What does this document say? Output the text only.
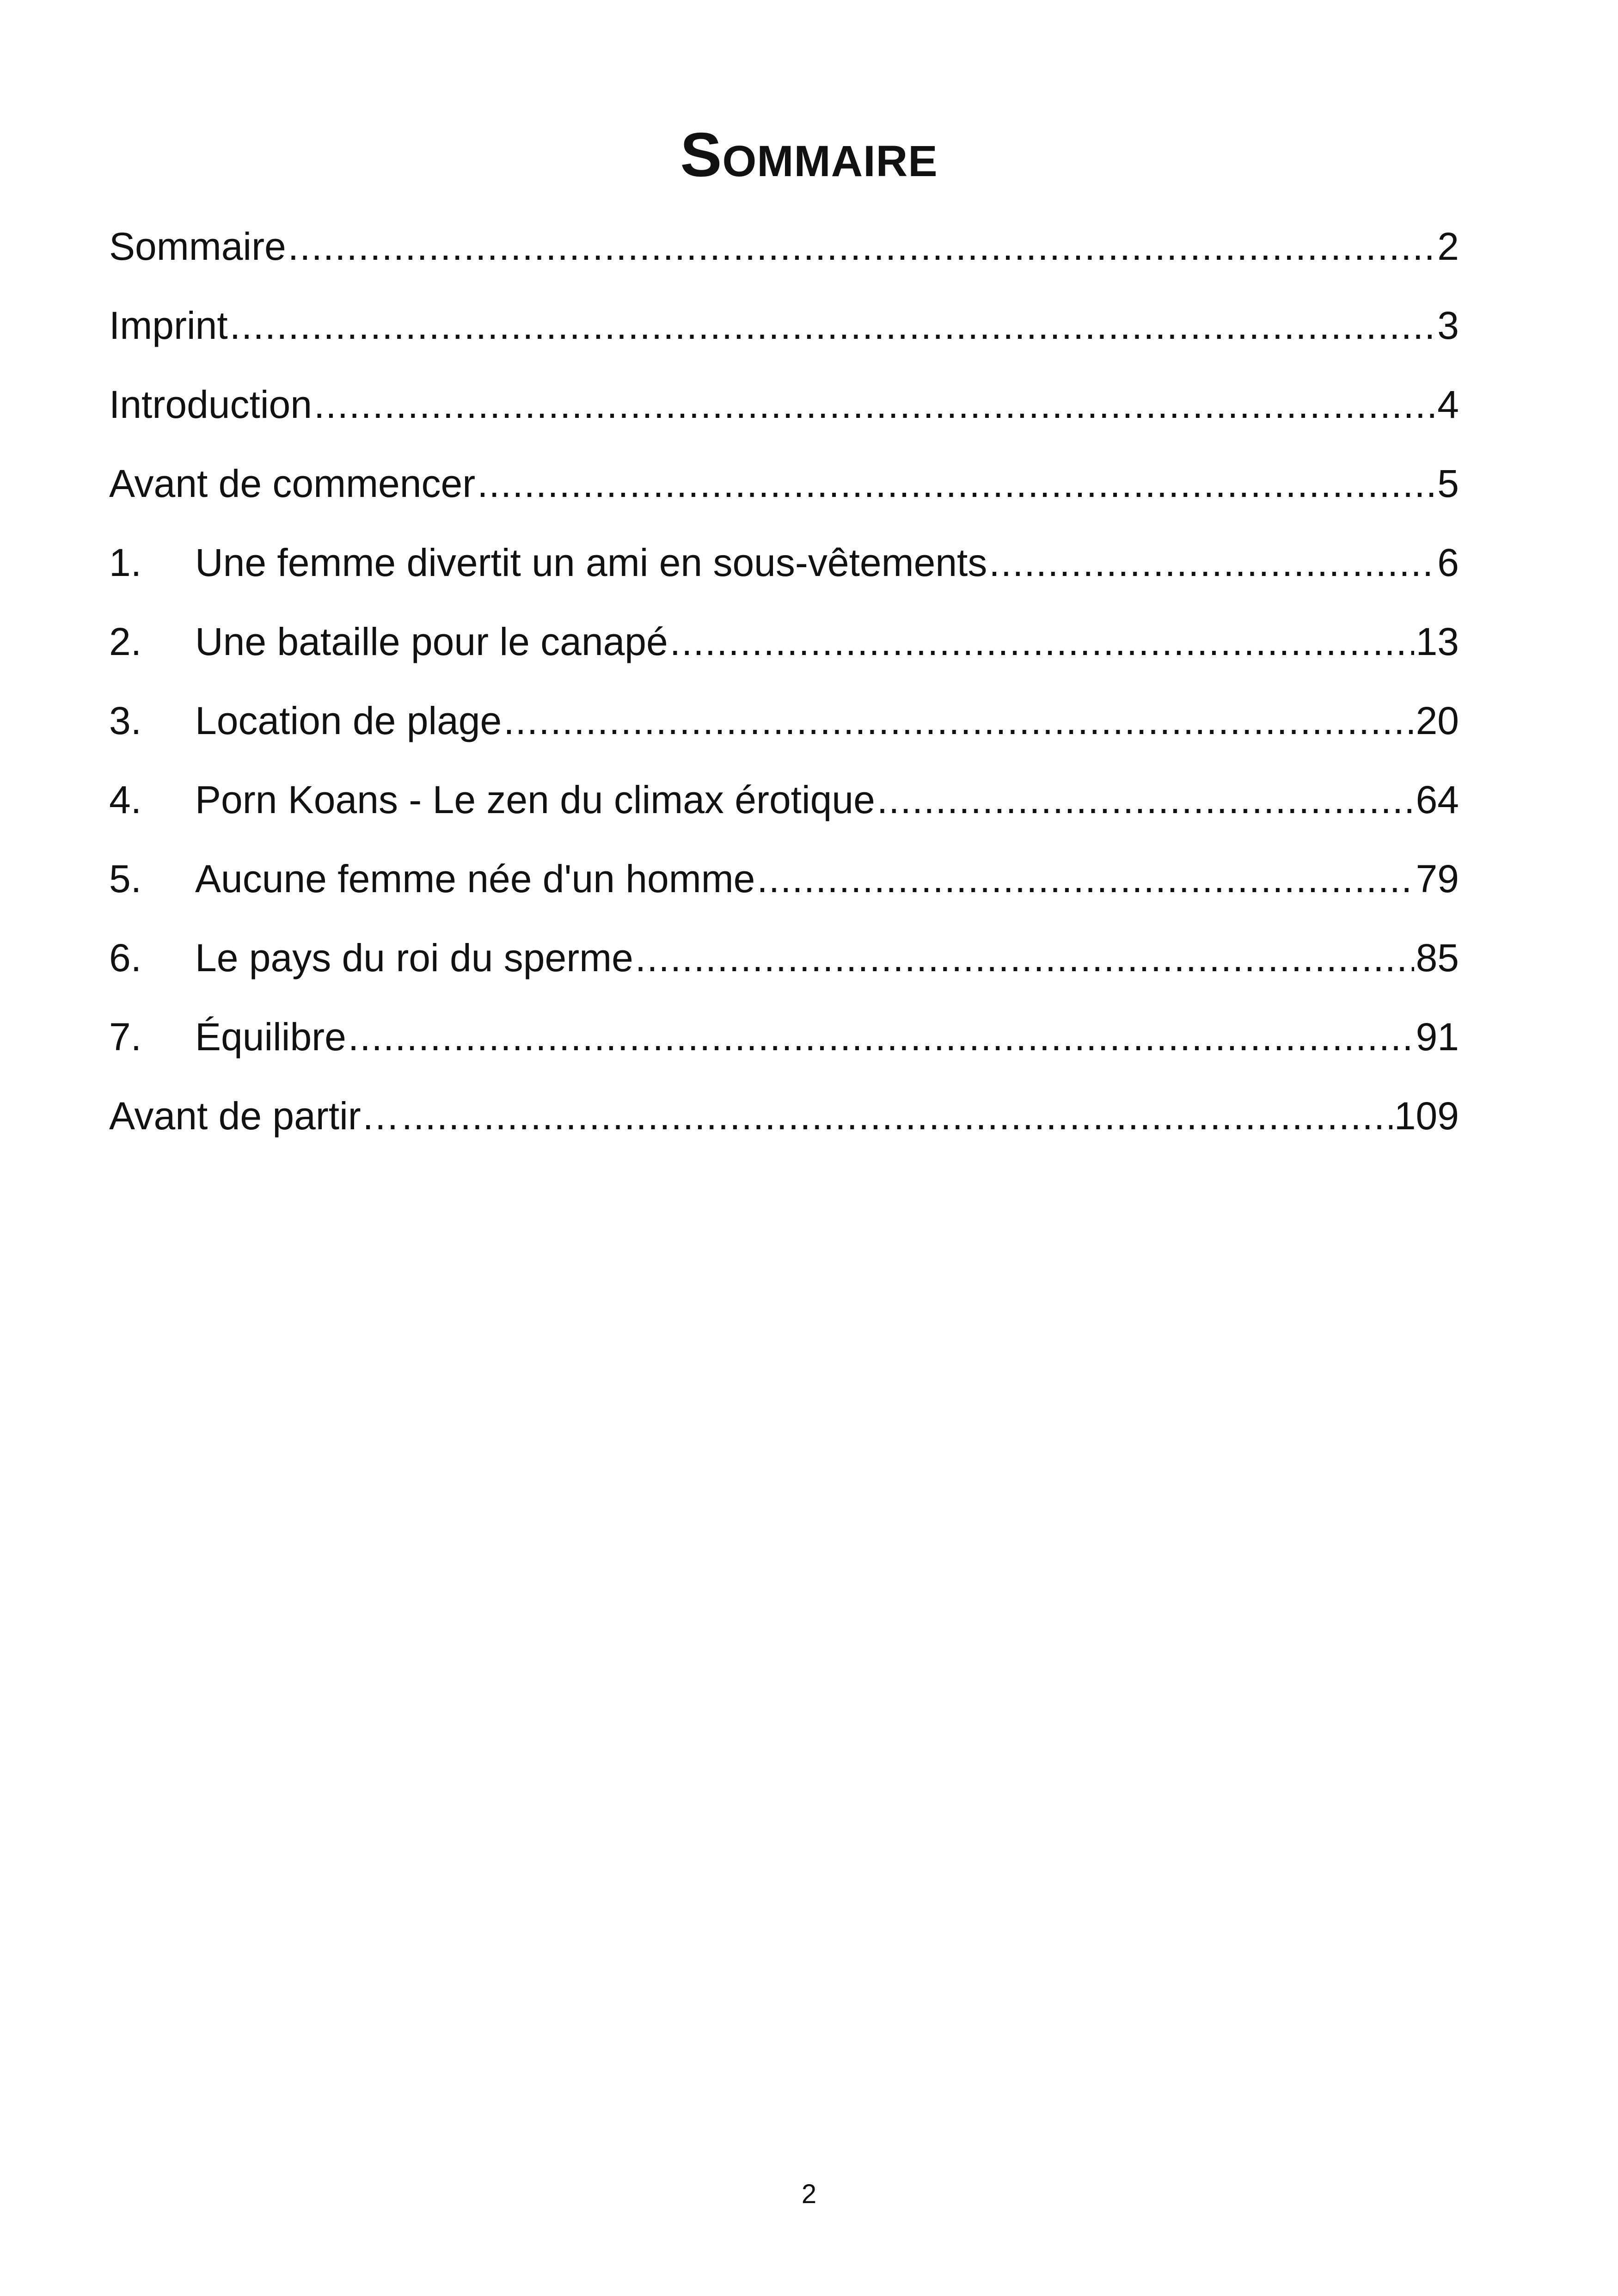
Sommaire
Sommaire .....	2
Imprint .....	3
Introduction .....	4
Avant de commencer .....	5
1.	Une femme divertit un ami en sous-vêtements .....	6
2.	Une bataille pour le canapé .....	13
3.	Location de plage .....	20
4.	Porn Koans - Le zen du climax érotique .....	64
5.	Aucune femme née d'un homme .....	79
6.	Le pays du roi du sperme .....	85
7.	Équilibre .....	91
Avant de partir… .....	109
2
